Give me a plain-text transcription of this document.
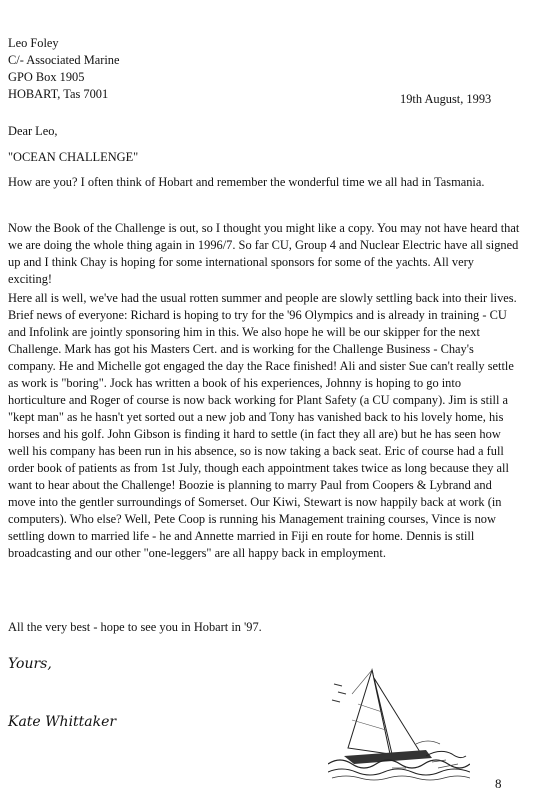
Leo Foley
C/- Associated Marine
GPO Box 1905
HOBART, Tas 7001	19th August, 1993
Dear Leo,
"OCEAN CHALLENGE"

How are you? I often think of Hobart and remember the wonderful time we all had in Tasmania.

Now the Book of the Challenge is out, so I thought you might like a copy. You may not have heard that we are doing the whole thing again in 1996/7. So far CU, Group 4 and Nuclear Electric have all signed up and I think Chay is hoping for some international sponsors for some of the yachts. All very exciting!

Here all is well, we've had the usual rotten summer and people are slowly settling back into their lives. Brief news of everyone: Richard is hoping to try for the '96 Olympics and is already in training - CU and Infolink are jointly sponsoring him in this. We also hope he will be our skipper for the next Challenge. Mark has got his Masters Cert. and is working for the Challenge Business - Chay's company. He and Michelle got engaged the day the Race finished! Ali and sister Sue can't really settle as work is "boring". Jock has written a book of his experiences, Johnny is hoping to go into horticulture and Roger of course is now back working for Plant Safety (a CU company). Jim is still a "kept man" as he hasn't yet sorted out a new job and Tony has vanished back to his lovely home, his horses and his golf. John Gibson is finding it hard to settle (in fact they all are) but he has seen how well his company has been run in his absence, so is now taking a back seat. Eric of course had a full order book of patients as from 1st July, though each appointment takes twice as long because they all want to hear about the Challenge! Boozie is planning to marry Paul from Coopers & Lybrand and move into the gentler surroundings of Somerset. Our Kiwi, Stewart is now happily back at work (in computers). Who else? Well, Pete Coop is running his Management training courses, Vince is now settling down to married life - he and Annette married in Fiji en route for home. Dennis is still broadcasting and our other "one-leggers" are all happy back in employment.

All the very best - hope to see you in Hobart in '97.
Yours,
Kate Whittaker
8
